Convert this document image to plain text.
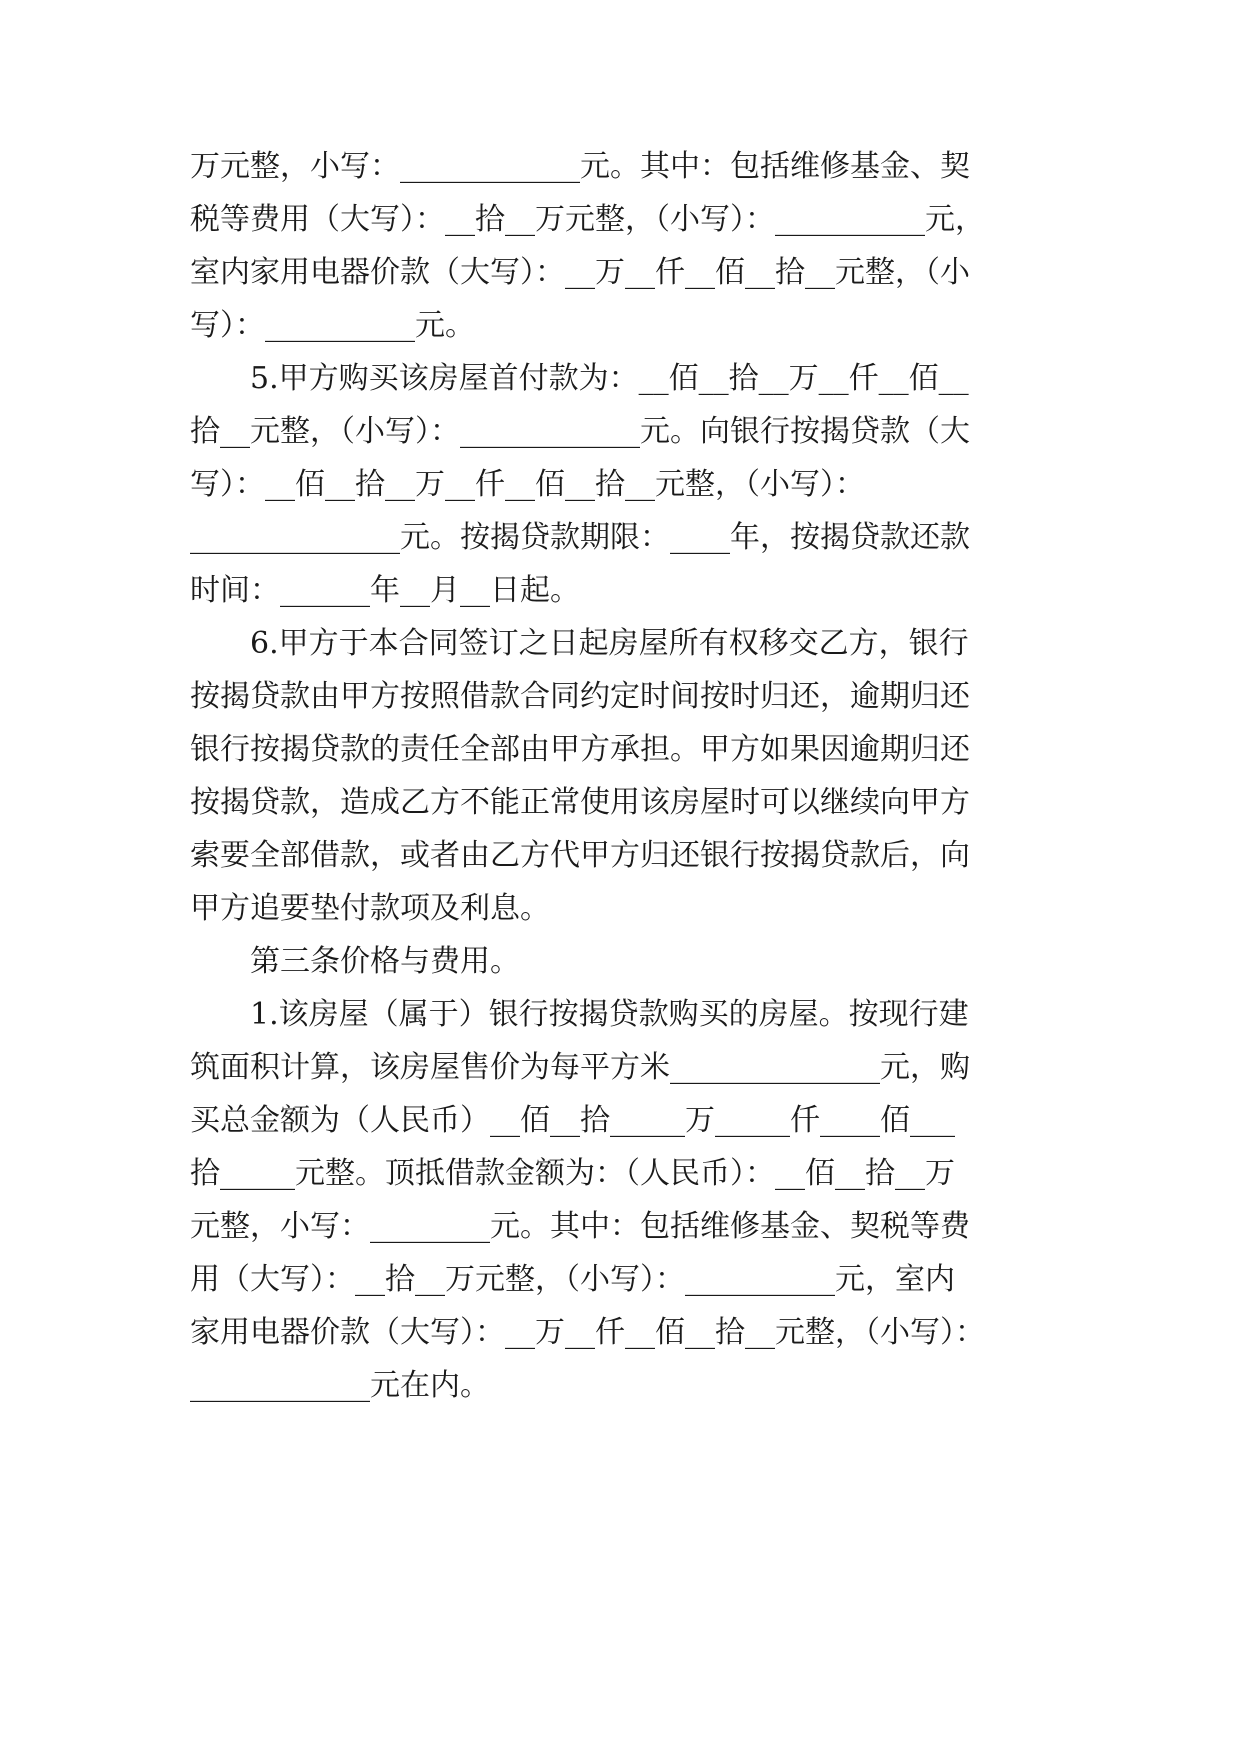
万元整，小写：____________元。其中：包括维修基金、契
税等费用（大写）：__拾__万元整，（小写）：__________元，
室内家用电器价款（大写）：__万__仟__佰__拾__元整，（小
写）：__________元。
5.甲方购买该房屋首付款为：__佰__拾__万__仟__佰__
拾__元整，（小写）：____________元。向银行按揭贷款（大
写）：__佰__拾__万__仟__佰__拾__元整，（小写）：
______________元。按揭贷款期限：____年，按揭贷款还款
时间：______年__月__日起。
6.甲方于本合同签订之日起房屋所有权移交乙方，银行
按揭贷款由甲方按照借款合同约定时间按时归还，逾期归还
银行按揭贷款的责任全部由甲方承担。甲方如果因逾期归还
按揭贷款，造成乙方不能正常使用该房屋时可以继续向甲方
索要全部借款，或者由乙方代甲方归还银行按揭贷款后，向
甲方追要垫付款项及利息。
第三条价格与费用。
1.该房屋（属于）银行按揭贷款购买的房屋。按现行建
筑面积计算，该房屋售价为每平方米______________元，购
买总金额为（人民币）__佰__拾_____万_____仟____佰___
拾_____元整。顶抵借款金额为：（人民币）：__佰__拾__万
元整，小写：________元。其中：包括维修基金、契税等费
用（大写）：__拾__万元整，（小写）：__________元，室内
家用电器价款（大写）：__万__仟__佰__拾__元整，（小写）：
____________元在内。
